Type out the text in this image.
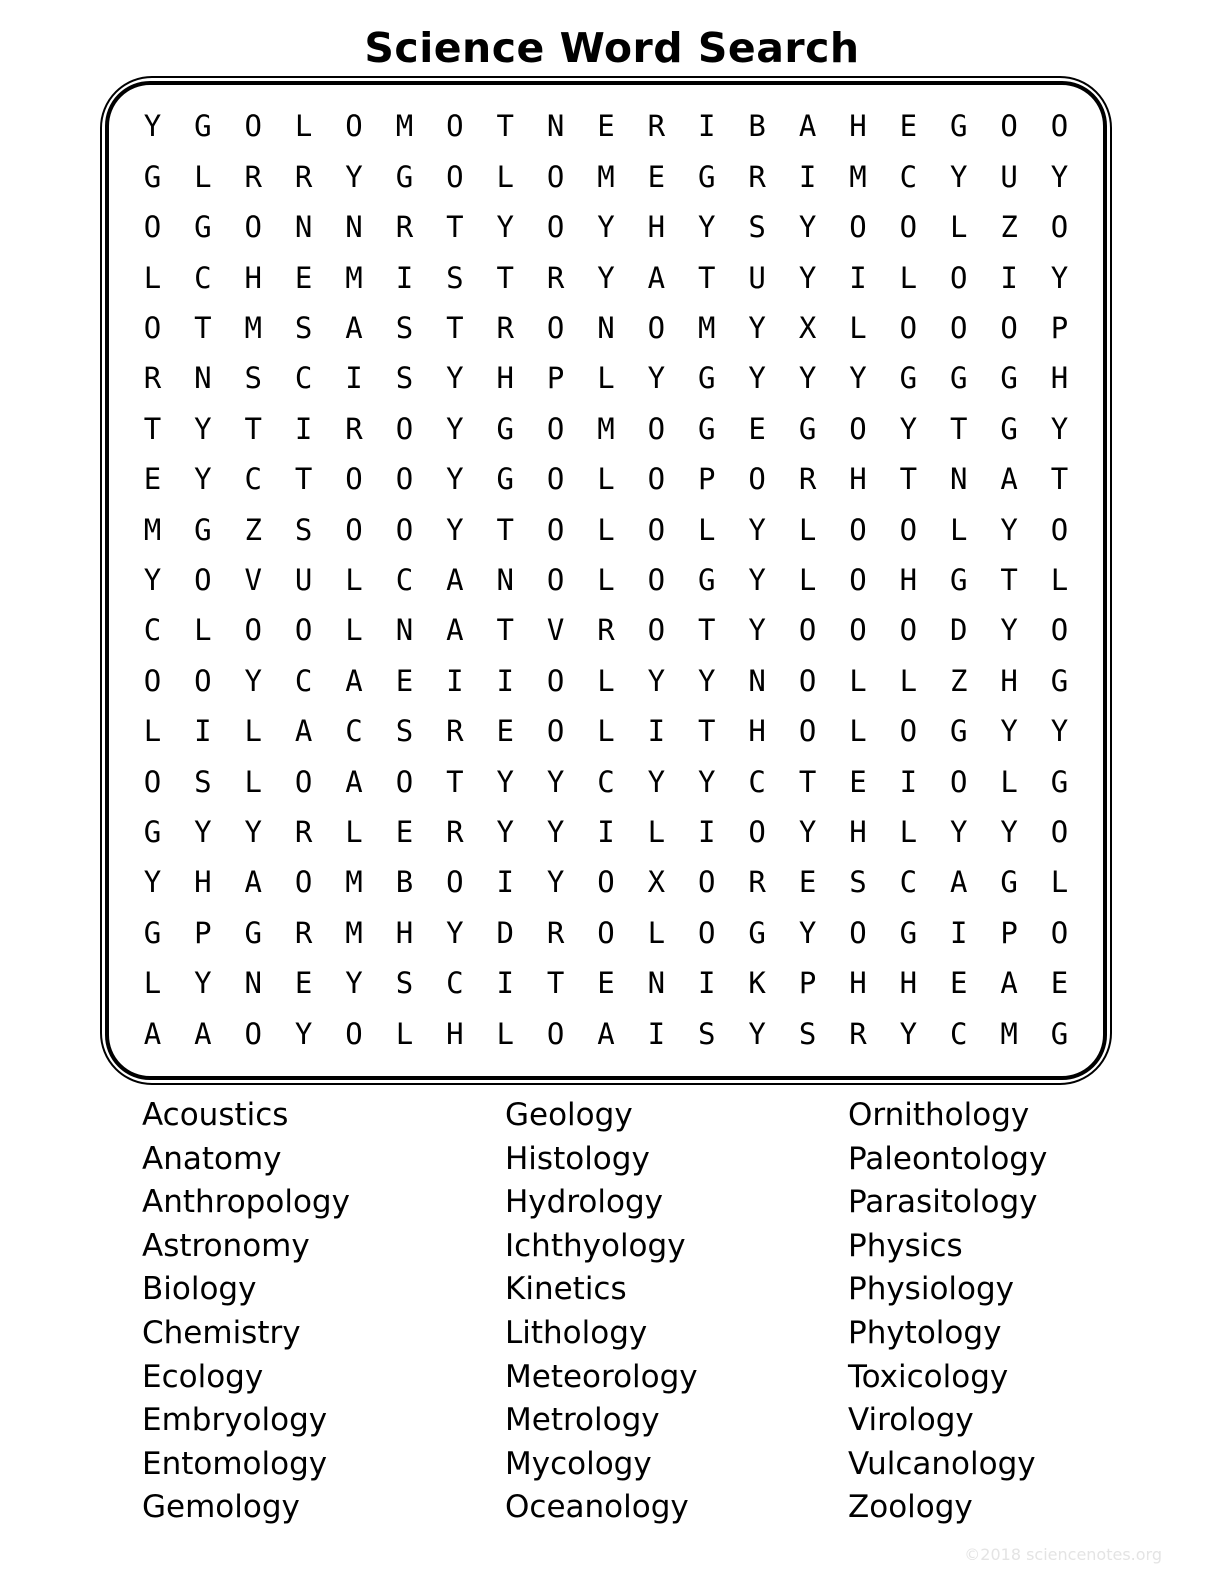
Science Word Search
Y	G	O	L	O	M	O	T	N	E	R	I	B	A	H	E	G	O	O
G	L	R	R	Y	G	O	L	O	M	E	G	R	I	M	C	Y	U	Y
O	G	O	N	N	R	T	Y	O	Y	H	Y	S	Y	O	O	L	Z	O
L	C	H	E	M	I	S	T	R	Y	A	T	U	Y	I	L	O	I	Y
O	T	M	S	A	S	T	R	O	N	O	M	Y	X	L	O	O	O	P
R	N	S	C	I	S	Y	H	P	L	Y	G	Y	Y	Y	G	G	G	H
T	Y	T	I	R	O	Y	G	O	M	O	G	E	G	O	Y	T	G	Y
E	Y	C	T	O	O	Y	G	O	L	O	P	O	R	H	T	N	A	T
M	G	Z	S	O	O	Y	T	O	L	O	L	Y	L	O	O	L	Y	O
Y	O	V	U	L	C	A	N	O	L	O	G	Y	L	O	H	G	T	L
C	L	O	O	L	N	A	T	V	R	O	T	Y	O	O	O	D	Y	O
O	O	Y	C	A	E	I	I	O	L	Y	Y	N	O	L	L	Z	H	G
L	I	L	A	C	S	R	E	O	L	I	T	H	O	L	O	G	Y	Y
O	S	L	O	A	O	T	Y	Y	C	Y	Y	C	T	E	I	O	L	G
G	Y	Y	R	L	E	R	Y	Y	I	L	I	O	Y	H	L	Y	Y	O
Y	H	A	O	M	B	O	I	Y	O	X	O	R	E	S	C	A	G	L
G	P	G	R	M	H	Y	D	R	O	L	O	G	Y	O	G	I	P	O
L	Y	N	E	Y	S	C	I	T	E	N	I	K	P	H	H	E	A	E
A	A	O	Y	O	L	H	L	O	A	I	S	Y	S	R	Y	C	M	G
Acoustics
Anatomy
Anthropology
Astronomy
Biology
Chemistry
Ecology
Embryology
Entomology
Gemology
Geology
Histology
Hydrology
Ichthyology
Kinetics
Lithology
Meteorology
Metrology
Mycology
Oceanology
Ornithology
Paleontology
Parasitology
Physics
Physiology
Phytology
Toxicology
Virology
Vulcanology
Zoology
©2018 sciencenotes.org
